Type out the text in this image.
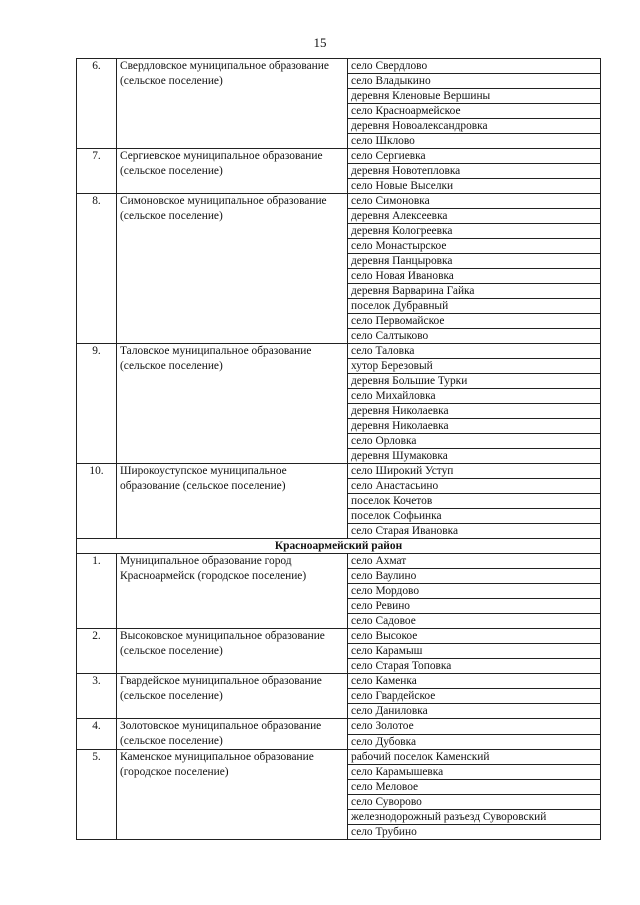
15
6.	Свердловское муниципальное образование (сельское поселение)	село Свердлово
		село Владыкино
		деревня Кленовые Вершины
		село Красноармейское
		деревня Новоалександровка
		село Шклово
7.	Сергиевское муниципальное образование (сельское поселение)	село Сергиевка
		деревня Новотепловка
		село Новые Выселки
8.	Симоновское муниципальное образование (сельское поселение)	село Симоновка
		деревня Алексеевка
		деревня Кологреевка
		село Монастырское
		деревня Панцыровка
		село Новая Ивановка
		деревня Варварина Гайка
		поселок Дубравный
		село Первомайское
		село Салтыково
9.	Таловское муниципальное образование (сельское поселение)	село Таловка
		хутор Березовый
		деревня Большие Турки
		село Михайловка
		деревня Николаевка
		деревня Николаевка
		село Орловка
		деревня Шумаковка
10.	Широкоуступское муниципальное образование (сельское поселение)	село Широкий Уступ
		село Анастасьино
		поселок Кочетов
		поселок Софьинка
		село Старая Ивановка
Красноармейский район		
1.	Муниципальное образование город Красноармейск (городское поселение)	село Ахмат
		село Ваулино
		село Мордово
		село Ревино
		село Садовое
2.	Высоковское муниципальное образование (сельское поселение)	село Высокое
		село Карамыш
		село Старая Топовка
3.	Гвардейское муниципальное образование (сельское поселение)	село Каменка
		село Гвардейское
		село Даниловка
4.	Золотовское муниципальное образование (сельское поселение)	село Золотое
		село Дубовка
5.	Каменское муниципальное образование (городское поселение)	рабочий поселок Каменский
		село Карамышевка
		село Меловое
		село Суворово
		железнодорожный разъезд Суворовский
		село Трубино
